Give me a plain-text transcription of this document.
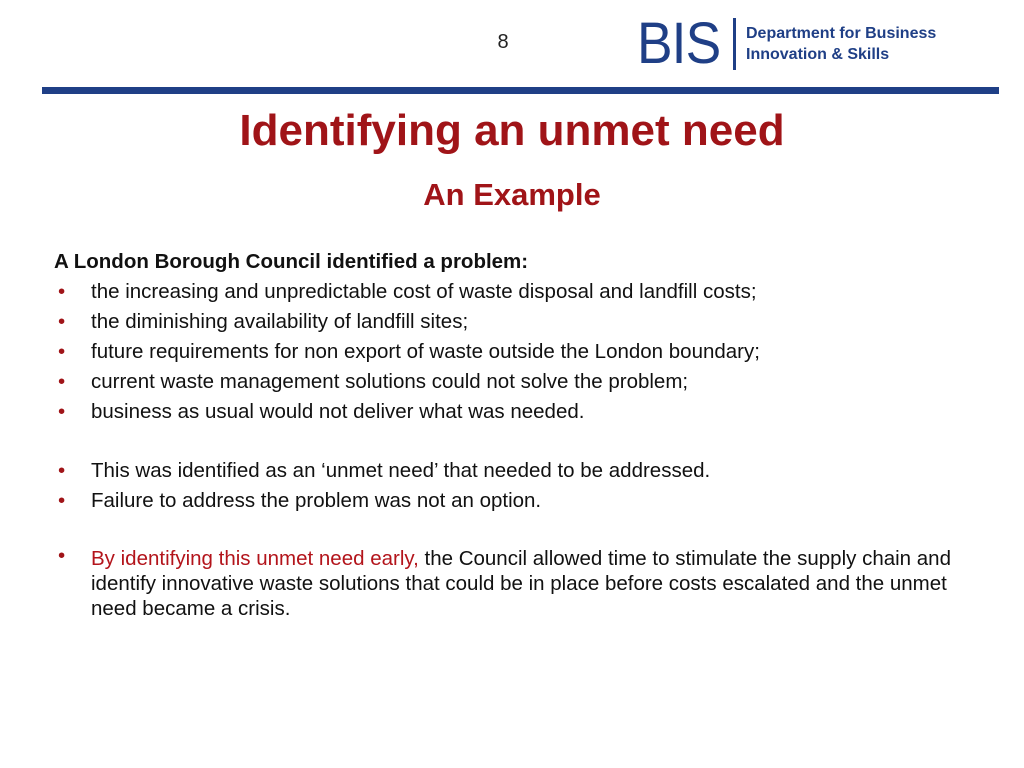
8 BIS Department for Business
Innovation & Skills
Identifying an unmet need
An Example

A London Borough Council identified a problem:

• the increasing and unpredictable cost of waste disposal and landfill costs;
• the diminishing availability of landfill sites;
• future requirements for non export of waste outside the London boundary;
• current waste management solutions could not solve the problem;
• business as usual would not deliver what was needed.
• This was identified as an ‘unmet need’ that needed to be addressed.
• Failure to address the problem was not an option.
• By identifying this unmet need early, the Council allowed time to stimulate the supply chain and identify innovative waste solutions that could be in place before costs escalated and the unmet need became a crisis.
